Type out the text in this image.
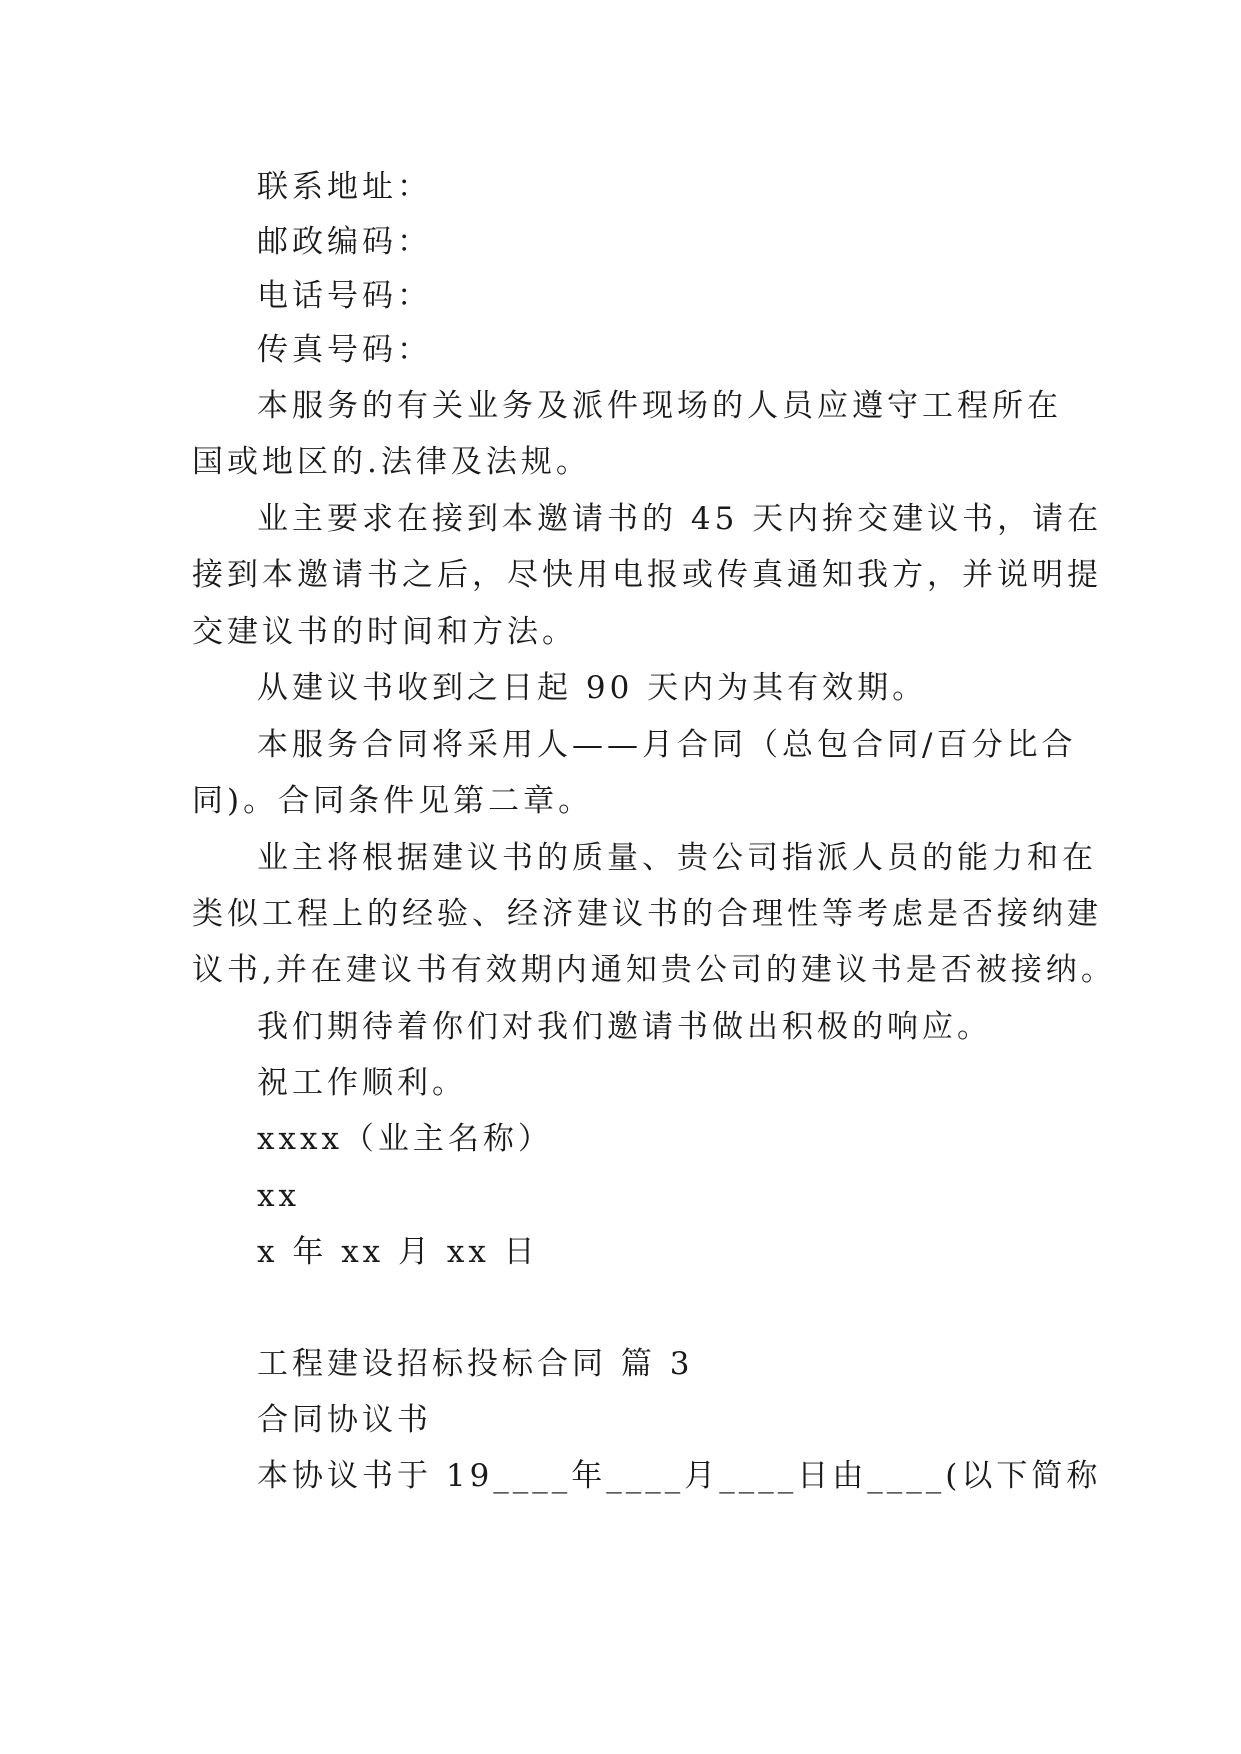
联系地址：
邮政编码：
电话号码：
传真号码：
本服务的有关业务及派件现场的人员应遵守工程所在
国或地区的.法律及法规。
业主要求在接到本邀请书的 45 天内拚交建议书，请在
接到本邀请书之后，尽快用电报或传真通知我方，并说明提
交建议书的时间和方法。
从建议书收到之日起 90 天内为其有效期。
本服务合同将采用人——月合同（总包合同/百分比合
同)。合同条件见第二章。
业主将根据建议书的质量、贵公司指派人员的能力和在
类似工程上的经验、经济建议书的合理性等考虑是否接纳建
议书,并在建议书有效期内通知贵公司的建议书是否被接纳。
我们期待着你们对我们邀请书做出积极的响应。
祝工作顺利。
xxxx（业主名称）
xx
x 年 xx 月 xx 日
工程建设招标投标合同 篇 3
合同协议书
本协议书于 19____年____月____日由____(以下简称
